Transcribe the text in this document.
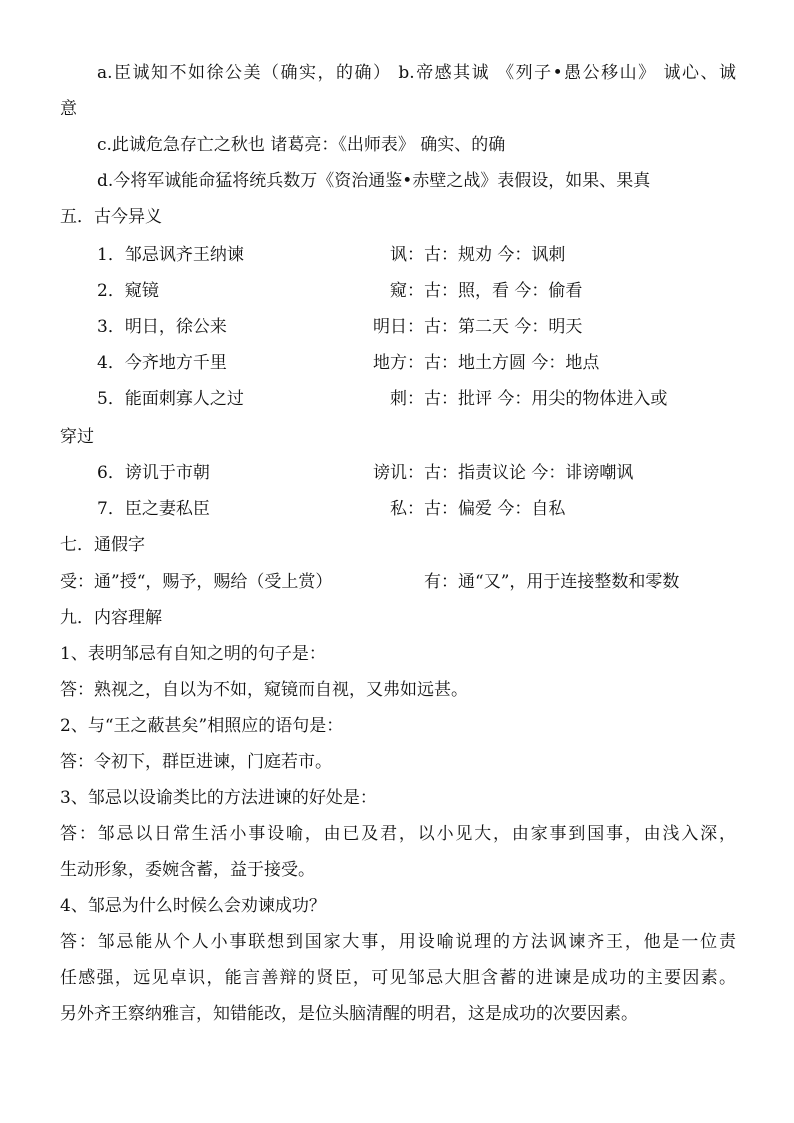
a.臣诚知不如徐公美（确实，的确） b.帝感其诚 《列子•愚公移山》 诚心、诚
意
c.此诚危急存亡之秋也 诸葛亮：《出师表》 确实、的确
d.今将军诚能命猛将统兵数万《资治通鉴•赤壁之战》表假设，如果、果真
五．古今异义
1．邹忌讽齐王纳谏	讽：古：规劝 今：讽刺
2．窥镜	窥：古：照，看 今：偷看
3．明日，徐公来	明日：古：第二天 今：明天
4．今齐地方千里	地方：古：地土方圆 今：地点
5．能面刺寡人之过	刺：古：批评 今：用尖的物体进入或
穿过
6．谤讥于市朝	谤讥：古：指责议论 今：诽谤嘲讽
7．臣之妻私臣	私：古：偏爱 今：自私
七．通假字
受：通”授“，赐予，赐给（受上赏）	有：通“又”，用于连接整数和零数
九．内容理解
1、表明邹忌有自知之明的句子是：
答：熟视之，自以为不如，窥镜而自视，又弗如远甚。
2、与“王之蔽甚矣”相照应的语句是：
答：令初下，群臣进谏，门庭若市。
3、邹忌以设谕类比的方法进谏的好处是：
答：邹忌以日常生活小事设喻，由已及君，以小见大，由家事到国事，由浅入深，
生动形象，委婉含蓄，益于接受。
4、邹忌为什么时候么会劝谏成功？
答：邹忌能从个人小事联想到国家大事，用设喻说理的方法讽谏齐王，他是一位责
任感强，远见卓识，能言善辩的贤臣，可见邹忌大胆含蓄的进谏是成功的主要因素。
另外齐王察纳雅言，知错能改，是位头脑清醒的明君，这是成功的次要因素。
